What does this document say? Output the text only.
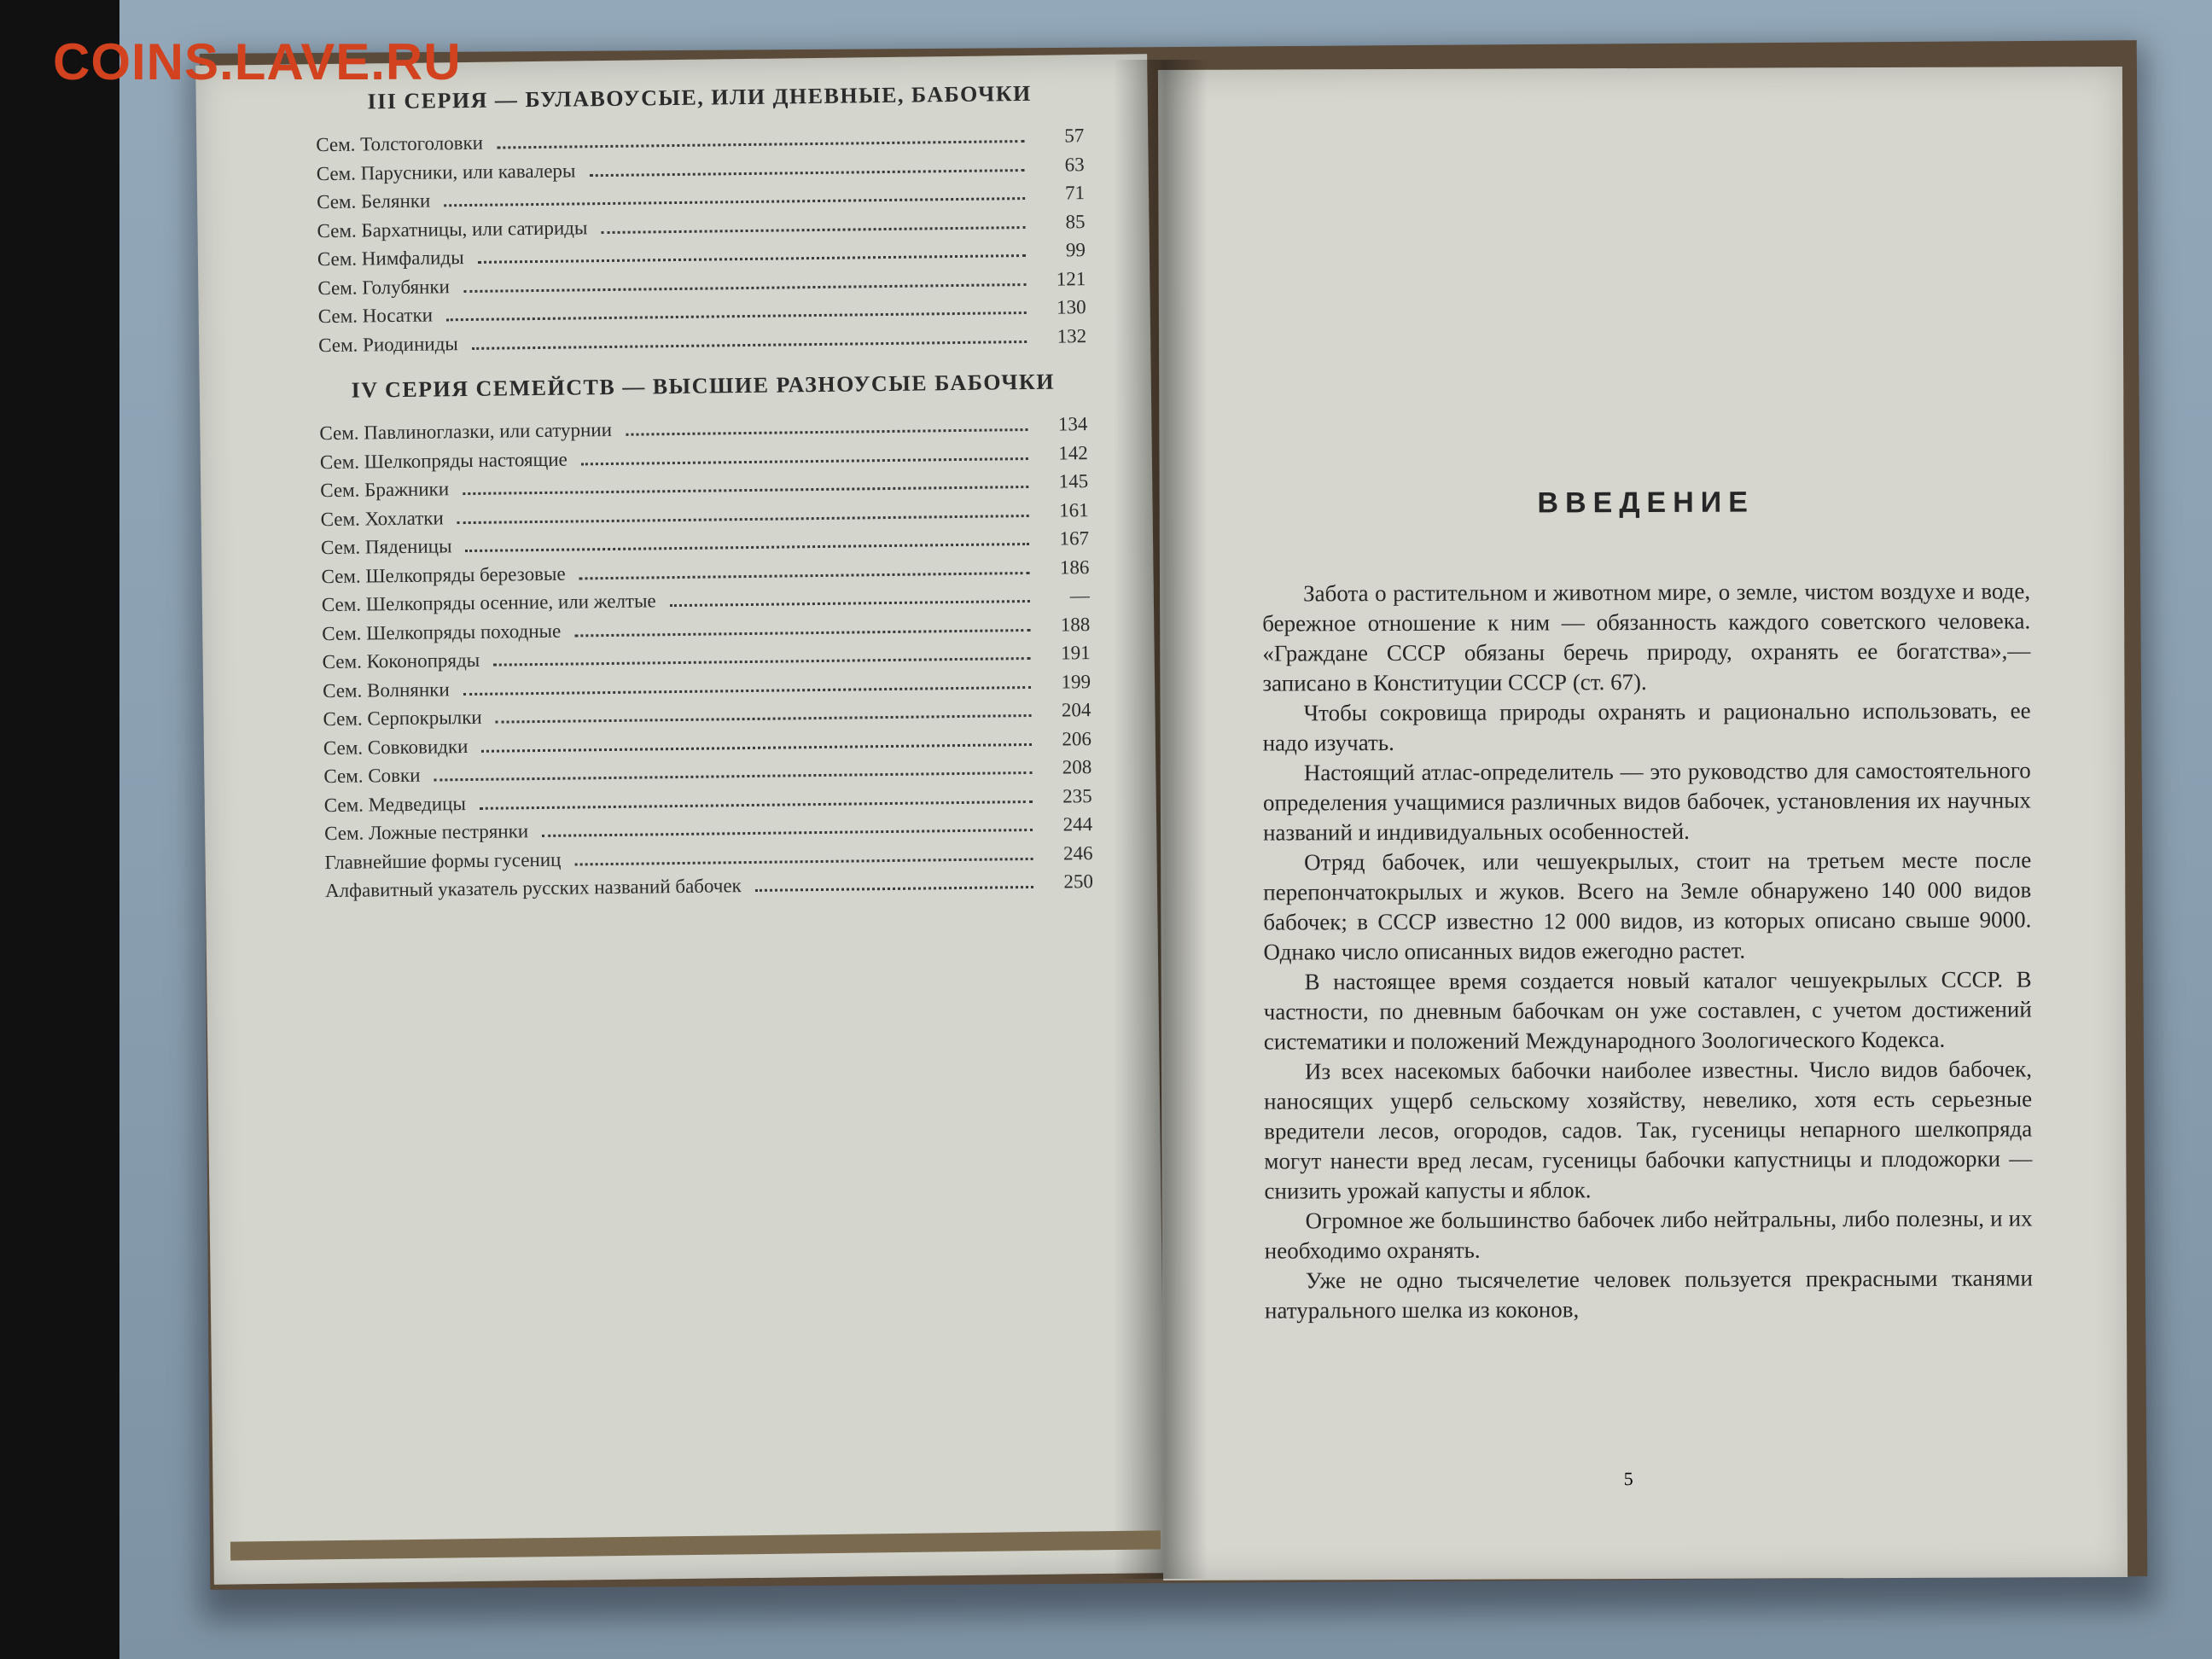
III СЕРИЯ — БУЛАВОУСЫЕ, ИЛИ ДНЕВНЫЕ, БАБОЧКИ
Сем. Толстоголовки	57
Сем. Парусники, или кавалеры	63
Сем. Белянки	71
Сем. Бархатницы, или сатириды	85
Сем. Нимфалиды	99
Сем. Голубянки	121
Сем. Носатки	130
Сем. Риодиниды	132
IV СЕРИЯ СЕМЕЙСТВ — ВЫСШИЕ РАЗНОУСЫЕ БАБОЧКИ
Сем. Павлиноглазки, или сатурнии	134
Сем. Шелкопряды настоящие	142
Сем. Бражники	145
Сем. Хохлатки	161
Сем. Пяденицы	167
Сем. Шелкопряды березовые	186
Сем. Шелкопряды осенние, или желтые	—
Сем. Шелкопряды походные	188
Сем. Коконопряды	191
Сем. Волнянки	199
Сем. Серпокрылки	204
Сем. Совковидки	206
Сем. Совки	208
Сем. Медведицы	235
Сем. Ложные пестрянки	244
Главнейшие формы гусениц	246
Алфавитный указатель русских названий бабочек	250
ВВЕДЕНИЕ

Забота о растительном и животном мире, о земле, чистом воздухе и воде, бережное отношение к ним — обязанность каждого советского человека. «Граждане СССР обязаны беречь природу, охранять ее богатства»,— записано в Конституции СССР (ст. 67).

Чтобы сокровища природы охранять и рационально использовать, ее надо изучать.

Настоящий атлас-определитель — это руководство для самостоятельного определения учащимися различных видов бабочек, установления их научных названий и индивидуальных особенностей.

Отряд бабочек, или чешуекрылых, стоит на третьем месте после перепончатокрылых и жуков. Всего на Земле обнаружено 140 000 видов бабочек; в СССР известно 12 000 видов, из которых описано свыше 9000. Однако число описанных видов ежегодно растет.

В настоящее время создается новый каталог чешуекрылых СССР. В частности, по дневным бабочкам он уже составлен, с учетом достижений систематики и положений Международного Зоологического Кодекса.

Из всех насекомых бабочки наиболее известны. Число видов бабочек, наносящих ущерб сельскому хозяйству, невелико, хотя есть серьезные вредители лесов, огородов, садов. Так, гусеницы непарного шелкопряда могут нанести вред лесам, гусеницы бабочки капустницы и плодожорки — снизить урожай капусты и яблок.

Огромное же большинство бабочек либо нейтральны, либо полезны, и их необходимо охранять.

Уже не одно тысячелетие человек пользуется прекрасными тканями натурального шелка из коконов,

5
COINS.LAVE.RU
